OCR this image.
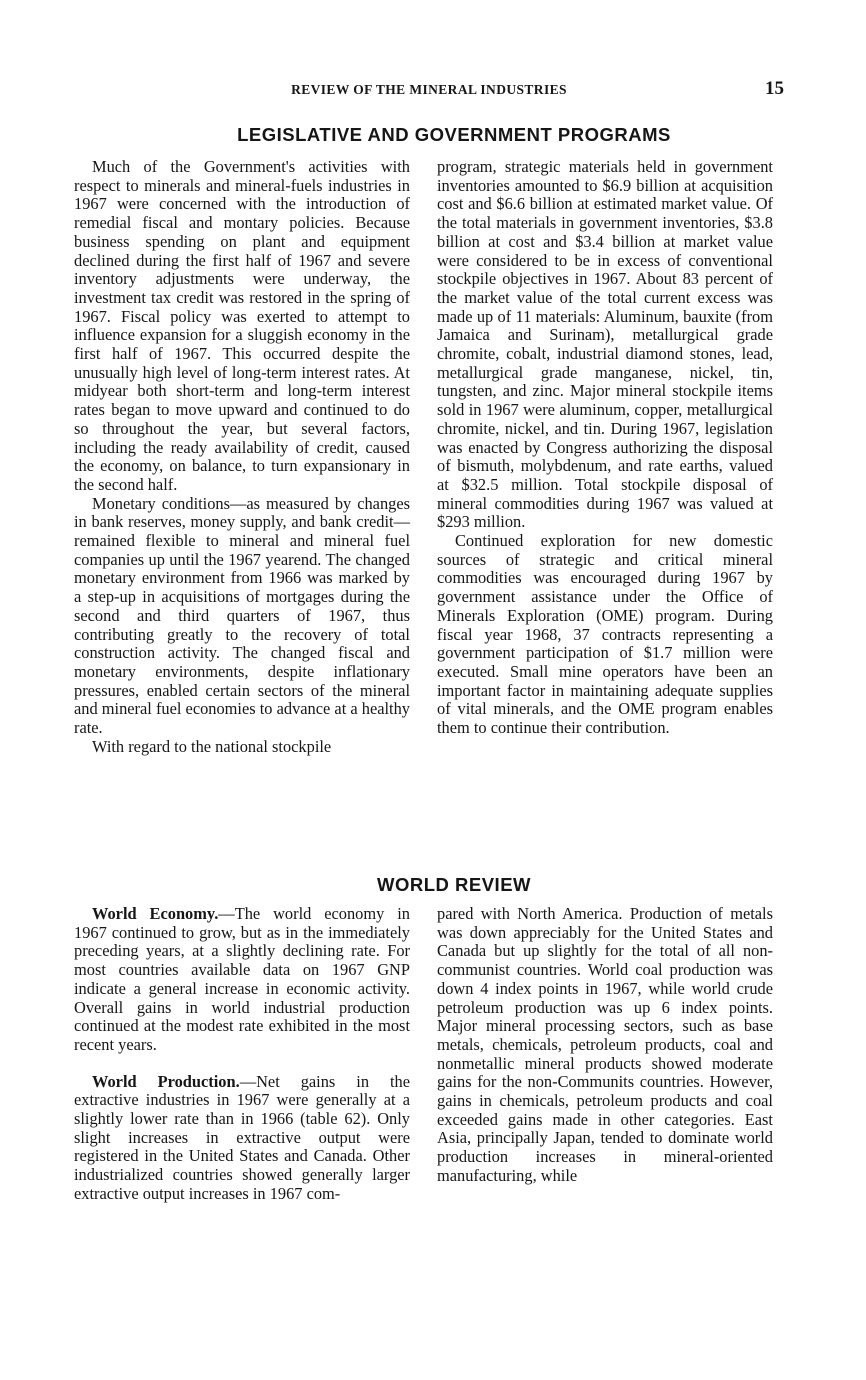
REVIEW OF THE MINERAL INDUSTRIES	15
LEGISLATIVE AND GOVERNMENT PROGRAMS

Much of the Government's activities with respect to minerals and mineral-fuels industries in 1967 were concerned with the introduction of remedial fiscal and montary policies. Because business spending on plant and equipment declined during the first half of 1967 and severe inventory adjustments were underway, the investment tax credit was restored in the spring of 1967. Fiscal policy was exerted to attempt to influence expansion for a sluggish economy in the first half of 1967. This occurred despite the unusually high level of long-term interest rates. At midyear both short-term and long-term interest rates began to move upward and continued to do so throughout the year, but several factors, including the ready availability of credit, caused the economy, on balance, to turn expansionary in the second half.

Monetary conditions—as measured by changes in bank reserves, money supply, and bank credit—remained flexible to mineral and mineral fuel companies up until the 1967 yearend. The changed monetary environment from 1966 was marked by a step-up in acquisitions of mortgages during the second and third quarters of 1967, thus contributing greatly to the recovery of total construction activity. The changed fiscal and monetary environments, despite inflationary pressures, enabled certain sectors of the mineral and mineral fuel economies to advance at a healthy rate.

With regard to the national stockpile

program, strategic materials held in government inventories amounted to $6.9 billion at acquisition cost and $6.6 billion at estimated market value. Of the total materials in government inventories, $3.8 billion at cost and $3.4 billion at market value were considered to be in excess of conventional stockpile objectives in 1967. About 83 percent of the market value of the total current excess was made up of 11 materials: Aluminum, bauxite (from Jamaica and Surinam), metallurgical grade chromite, cobalt, industrial diamond stones, lead, metallurgical grade manganese, nickel, tin, tungsten, and zinc. Major mineral stockpile items sold in 1967 were aluminum, copper, metallurgical chromite, nickel, and tin. During 1967, legislation was enacted by Congress authorizing the disposal of bismuth, molybdenum, and rate earths, valued at $32.5 million. Total stockpile disposal of mineral commodities during 1967 was valued at $293 million.

Continued exploration for new domestic sources of strategic and critical mineral commodities was encouraged during 1967 by government assistance under the Office of Minerals Exploration (OME) program. During fiscal year 1968, 37 contracts representing a government participation of $1.7 million were executed. Small mine operators have been an important factor in maintaining adequate supplies of vital minerals, and the OME program enables them to continue their contribution.

WORLD REVIEW

World Economy.—The world economy in 1967 continued to grow, but as in the immediately preceding years, at a slightly declining rate. For most countries available data on 1967 GNP indicate a general increase in economic activity. Overall gains in world industrial production continued at the modest rate exhibited in the most recent years.

World Production.—Net gains in the extractive industries in 1967 were generally at a slightly lower rate than in 1966 (table 62). Only slight increases in extractive output were registered in the United States and Canada. Other industrialized countries showed generally larger extractive output increases in 1967 com-

pared with North America. Production of metals was down appreciably for the United States and Canada but up slightly for the total of all non-communist countries. World coal production was down 4 index points in 1967, while world crude petroleum production was up 6 index points. Major mineral processing sectors, such as base metals, chemicals, petroleum products, coal and nonmetallic mineral products showed moderate gains for the non-Communits countries. However, gains in chemicals, petroleum products and coal exceeded gains made in other categories. East Asia, principally Japan, tended to dominate world production increases in mineral-oriented manufacturing, while
